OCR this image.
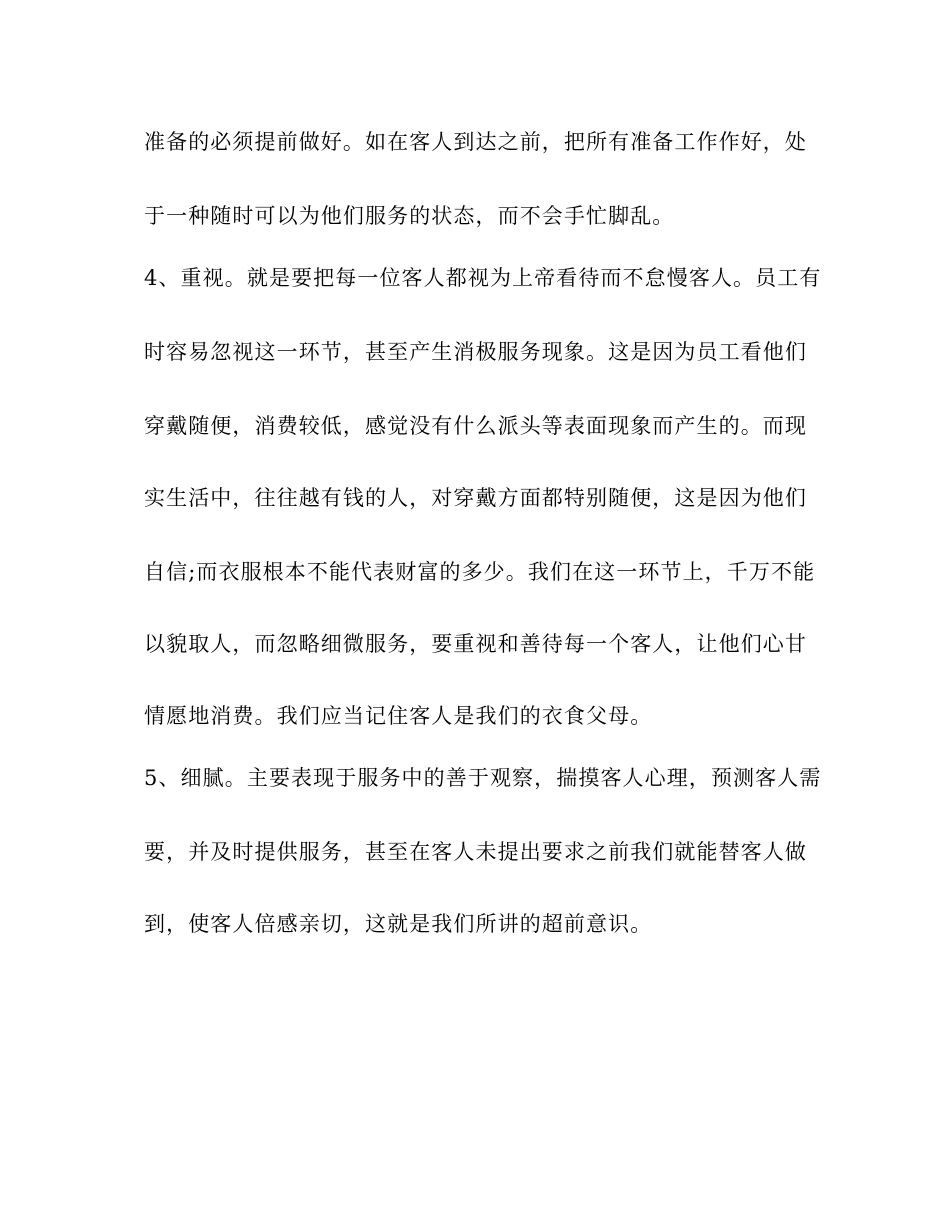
准备的必须提前做好。如在客人到达之前，把所有准备工作作好，处
于一种随时可以为他们服务的状态，而不会手忙脚乱。
4、重视。就是要把每一位客人都视为上帝看待而不怠慢客人。员工有
时容易忽视这一环节，甚至产生消极服务现象。这是因为员工看他们
穿戴随便，消费较低，感觉没有什么派头等表面现象而产生的。而现
实生活中，往往越有钱的人，对穿戴方面都特别随便，这是因为他们
自信;而衣服根本不能代表财富的多少。我们在这一环节上，千万不能
以貌取人，而忽略细微服务，要重视和善待每一个客人，让他们心甘
情愿地消费。我们应当记住客人是我们的衣食父母。
5、细腻。主要表现于服务中的善于观察，揣摸客人心理，预测客人需
要，并及时提供服务，甚至在客人未提出要求之前我们就能替客人做
到，使客人倍感亲切，这就是我们所讲的超前意识。
